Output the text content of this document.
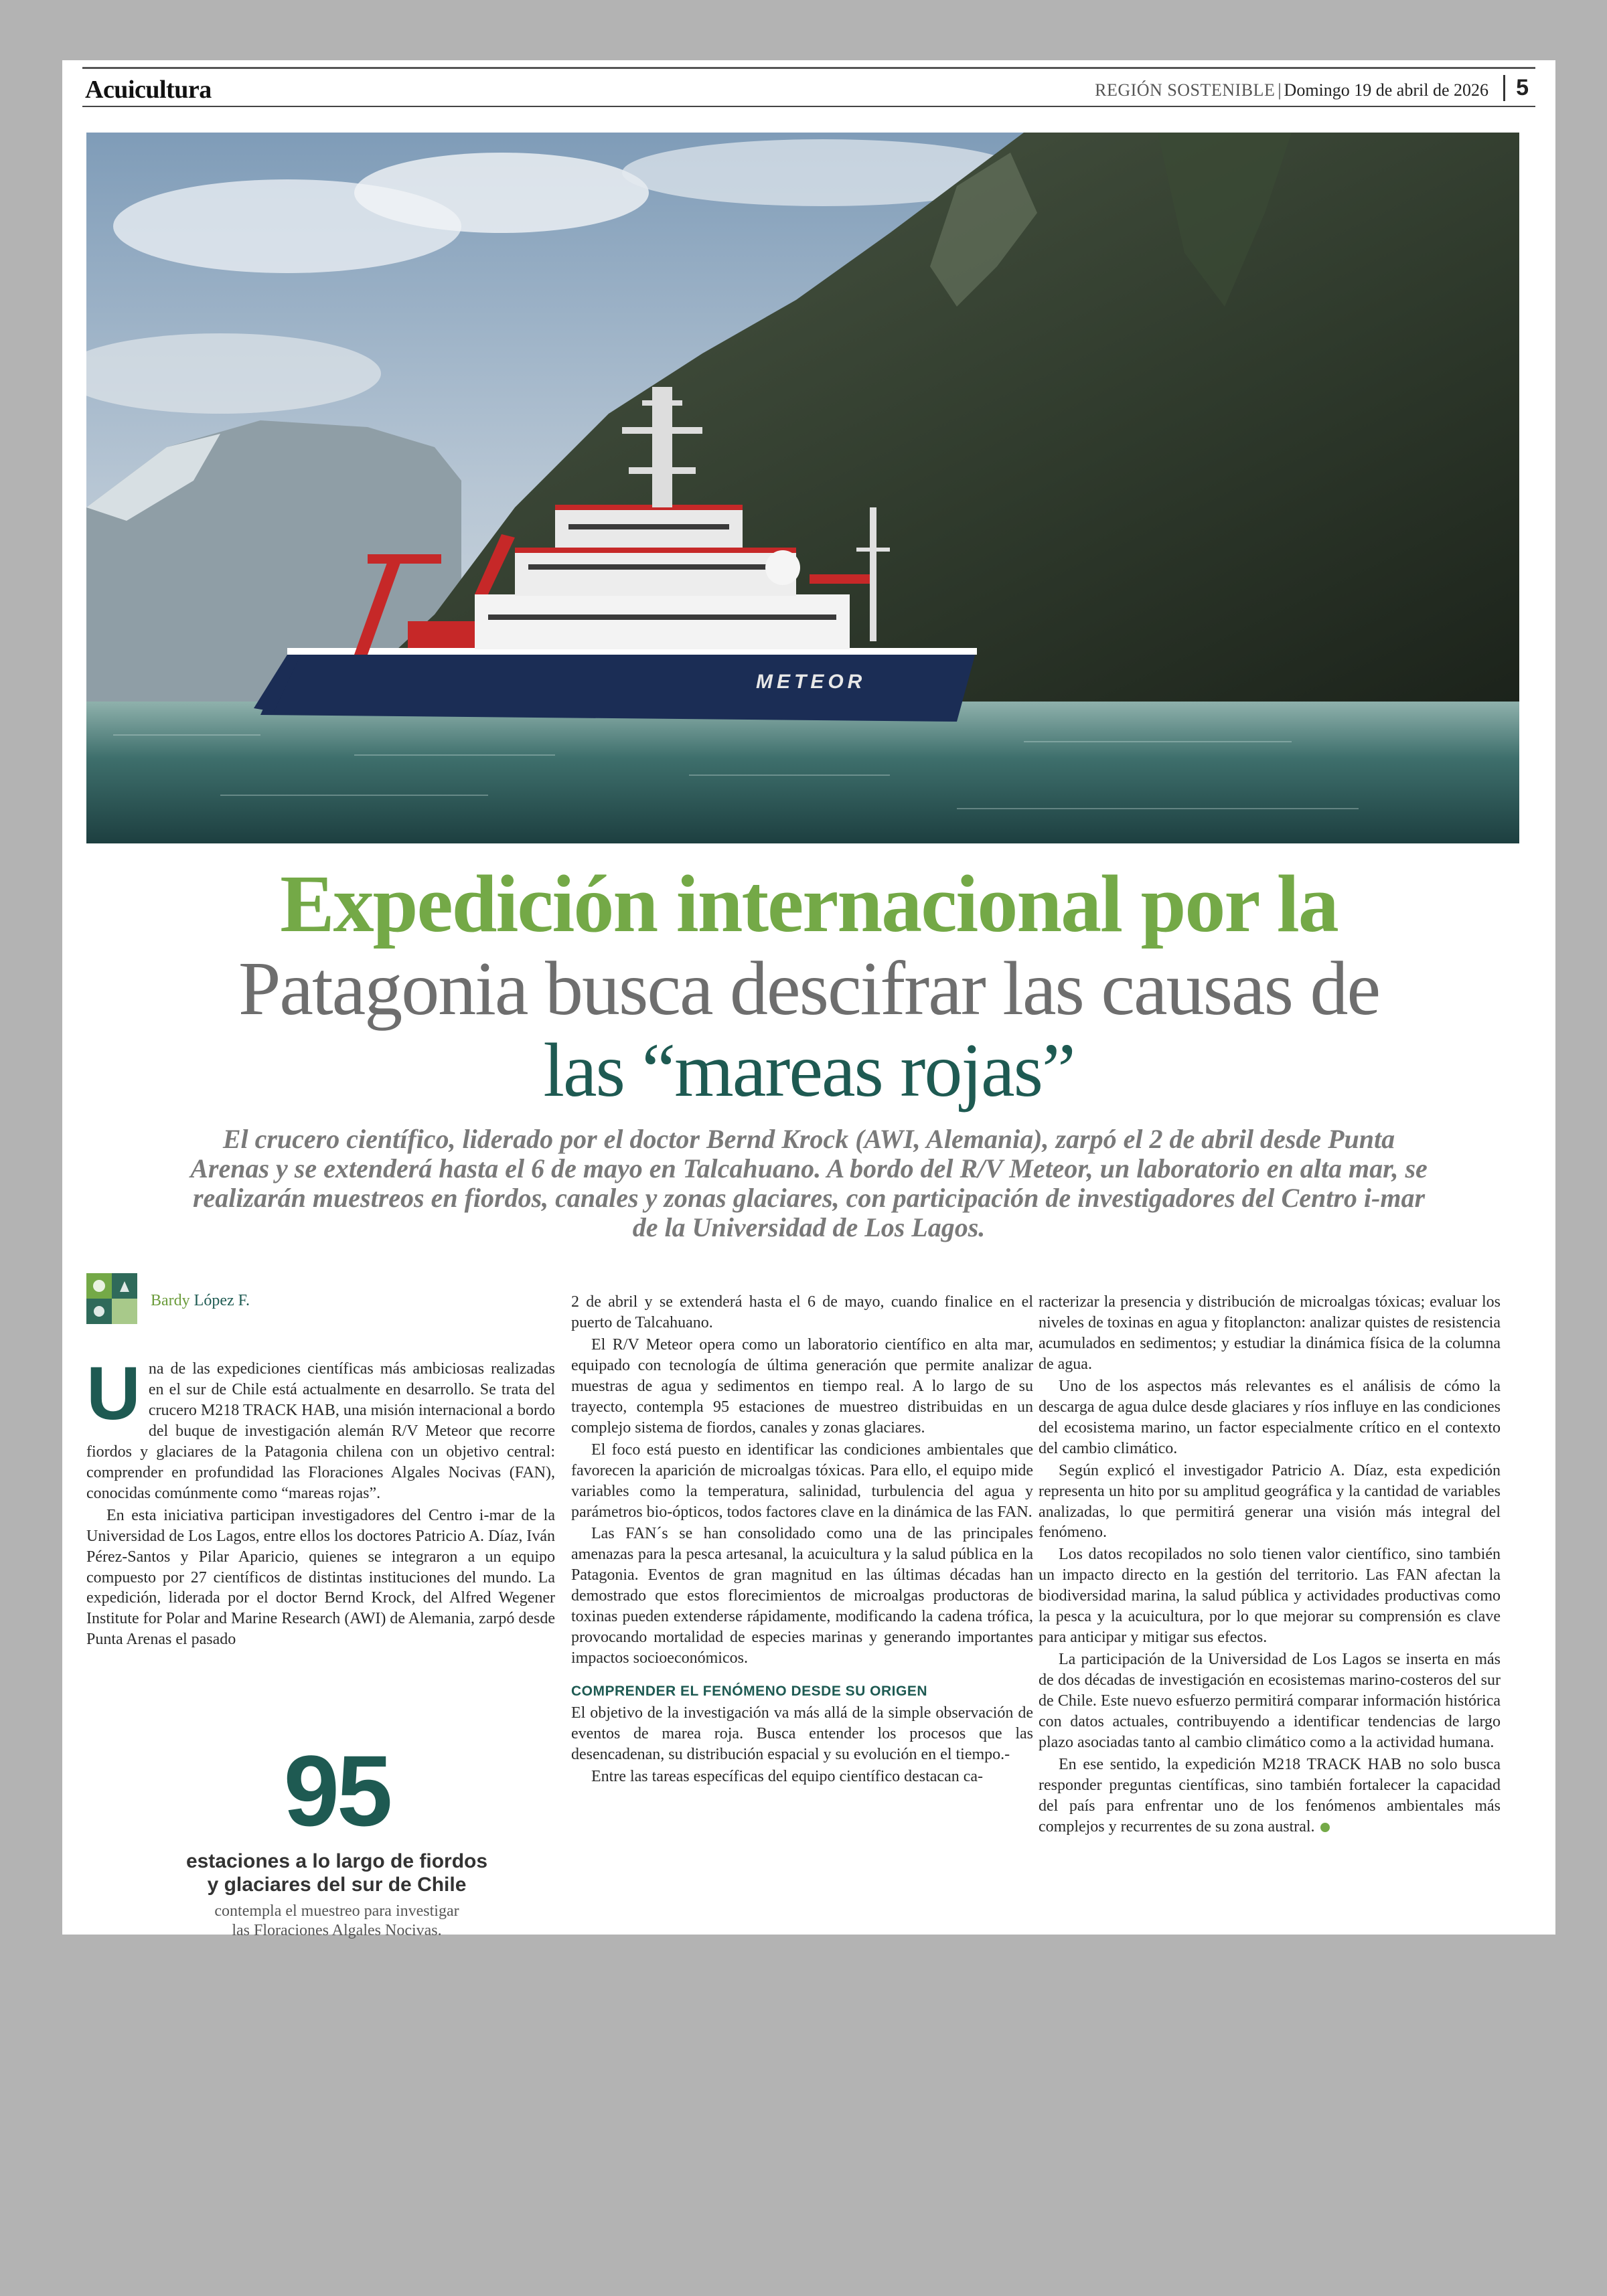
Acuicultura	REGIÓN SOSTENIBLE | Domingo 19 de abril de 2026	5
METEOR
Expedición internacional por la
Patagonia busca descifrar las causas de
las “mareas rojas”
El crucero científico, liderado por el doctor Bernd Krock (AWI, Alemania), zarpó el 2 de abril desde Punta Arenas y se extenderá hasta el 6 de mayo en Talcahuano. A bordo del R/V Meteor, un laboratorio en alta mar, se realizarán muestreos en fiordos, canales y zonas glaciares, con participación de investigadores del Centro i-mar de la Universidad de Los Lagos.
Bardy López F.

Una de las expediciones científicas más ambiciosas realizadas en el sur de Chile está actualmente en desarrollo. Se trata del crucero M218 TRACK HAB, una misión internacional a bordo del buque de investigación alemán R/V Meteor que recorre fiordos y glaciares de la Patagonia chilena con un objetivo central: comprender en profundidad las Floraciones Algales Nocivas (FAN), conocidas comúnmente como “mareas rojas”.

En esta iniciativa participan investigadores del Centro i-mar de la Universidad de Los Lagos, entre ellos los doctores Patricio A. Díaz, Iván Pérez-Santos y Pilar Aparicio, quienes se integraron a un equipo compuesto por 27 científicos de distintas instituciones del mundo. La expedición, liderada por el doctor Bernd Krock, del Alfred Wegener Institute for Polar and Marine Research (AWI) de Alemania, zarpó desde Punta Arenas el pasado

95
estaciones a lo largo de fiordos
y glaciares del sur de Chile
contempla el muestreo para investigar
las Floraciones Algales Nocivas.

2 de abril y se extenderá hasta el 6 de mayo, cuando finalice en el puerto de Talcahuano.

El R/V Meteor opera como un laboratorio científico en alta mar, equipado con tecnología de última generación que permite analizar muestras de agua y sedimentos en tiempo real. A lo largo de su trayecto, contempla 95 estaciones de muestreo distribuidas en un complejo sistema de fiordos, canales y zonas glaciares.

El foco está puesto en identificar las condiciones ambientales que favorecen la aparición de microalgas tóxicas. Para ello, el equipo mide variables como la temperatura, salinidad, turbulencia del agua y parámetros bio-ópticos, todos factores clave en la dinámica de las FAN.

Las FAN´s se han consolidado como una de las principales amenazas para la pesca artesanal, la acuicultura y la salud pública en la Patagonia. Eventos de gran magnitud en las últimas décadas han demostrado que estos florecimientos de microalgas productoras de toxinas pueden extenderse rápidamente, modificando la cadena trófica, provocando mortalidad de especies marinas y generando importantes impactos socioeconómicos.

COMPRENDER EL FENÓMENO DESDE SU ORIGEN

El objetivo de la investigación va más allá de la simple observación de eventos de marea roja. Busca entender los procesos que las desencadenan, su distribución espacial y su evolución en el tiempo.-

Entre las tareas específicas del equipo científico destacan ca-

racterizar la presencia y distribución de microalgas tóxicas; evaluar los niveles de toxinas en agua y fitoplancton: analizar quistes de resistencia acumulados en sedimentos; y estudiar la dinámica física de la columna de agua.

Uno de los aspectos más relevantes es el análisis de cómo la descarga de agua dulce desde glaciares y ríos influye en las condiciones del ecosistema marino, un factor especialmente crítico en el contexto del cambio climático.

Según explicó el investigador Patricio A. Díaz, esta expedición representa un hito por su amplitud geográfica y la cantidad de variables analizadas, lo que permitirá generar una visión más integral del fenómeno.

Los datos recopilados no solo tienen valor científico, sino también un impacto directo en la gestión del territorio. Las FAN afectan la biodiversidad marina, la salud pública y actividades productivas como la pesca y la acuicultura, por lo que mejorar su comprensión es clave para anticipar y mitigar sus efectos.

La participación de la Universidad de Los Lagos se inserta en más de dos décadas de investigación en ecosistemas marino-costeros del sur de Chile. Este nuevo esfuerzo permitirá comparar información histórica con datos actuales, contribuyendo a identificar tendencias de largo plazo asociadas tanto al cambio climático como a la actividad humana.

En ese sentido, la expedición M218 TRACK HAB no solo busca responder preguntas científicas, sino también fortalecer la capacidad del país para enfrentar uno de los fenómenos ambientales más complejos y recurrentes de su zona austral.
